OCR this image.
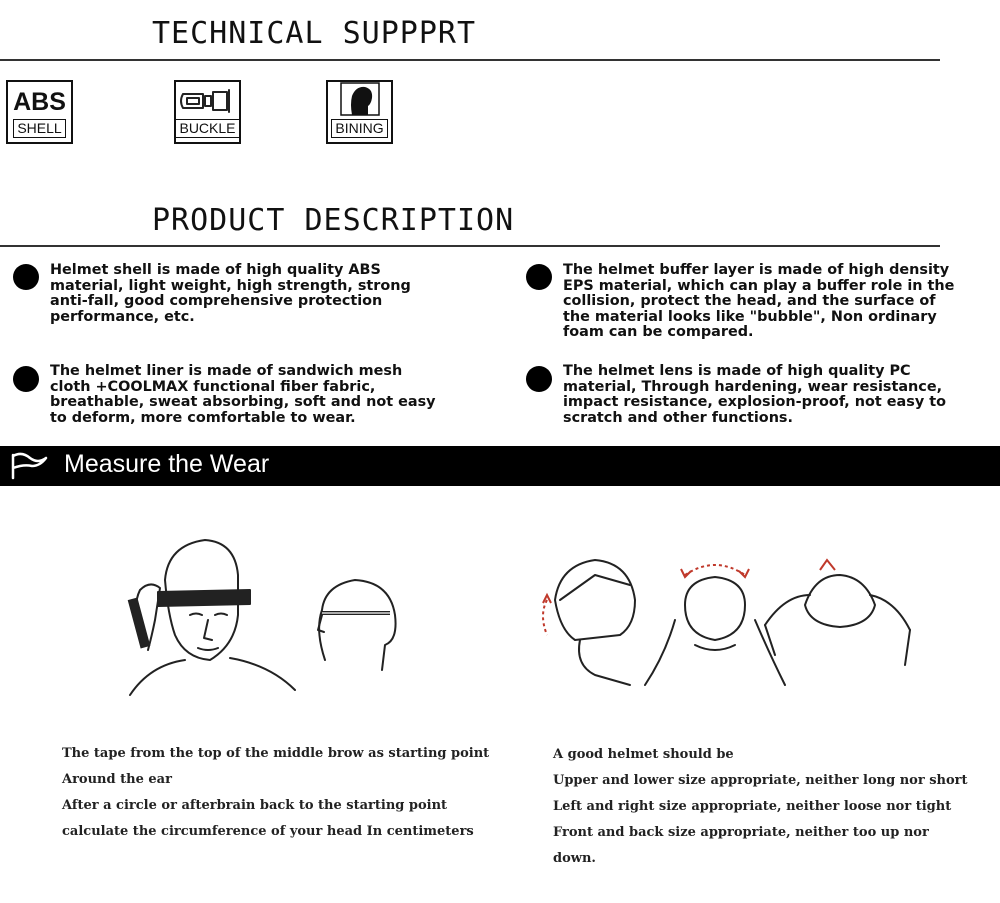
TECHNICAL SUPPPRT
ABS
SHELL	BUCKLE	BINING
PRODUCT DESCRIPTION
Helmet shell is made of high quality ABS
material, light weight, high strength, strong
anti-fall, good comprehensive protection
performance, etc.
The helmet buffer layer is made of high density
EPS material, which can play a buffer role in the
collision, protect the head, and the surface of
the material looks like "bubble", Non ordinary
foam can be compared.
The helmet liner is made of sandwich mesh
cloth +COOLMAX functional fiber fabric,
breathable, sweat absorbing, soft and not easy
to deform, more comfortable to wear.
The helmet lens is made of high quality PC
material, Through hardening, wear resistance,
impact resistance, explosion-proof, not easy to
scratch and other functions.
Measure the Wear
The tape from the top of the middle brow as starting point
Around the ear
After a circle or afterbrain back to the starting point
calculate the circumference of your head In centimeters
A good helmet should be
Upper and lower size appropriate, neither long nor short
Left and right size appropriate, neither loose nor tight
Front and back size appropriate, neither too up nor
down.
